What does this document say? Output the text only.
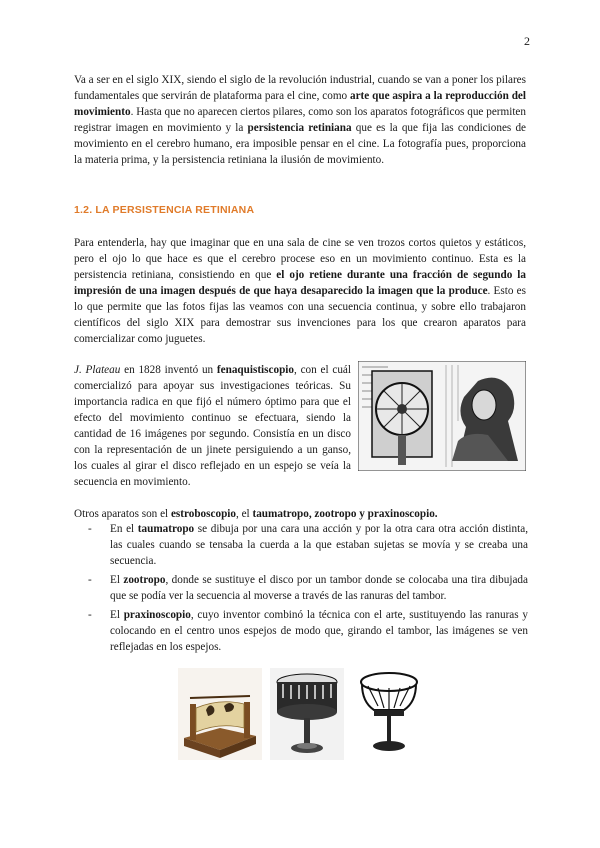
2

Va a ser en el siglo XIX, siendo el siglo de la revolución industrial, cuando se van a poner los pilares fundamentales que servirán de plataforma para el cine, como arte que aspira a la reproducción del movimiento. Hasta que no aparecen ciertos pilares, como son los aparatos fotográficos que permiten registrar imagen en movimiento y la persistencia retiniana que es la que fija las condiciones de movimiento en el cerebro humano, era imposible pensar en el cine. La fotografía pues, proporciona la materia prima, y la persistencia retiniana la ilusión de movimiento.

1.2. LA PERSISTENCIA RETINIANA

Para entenderla, hay que imaginar que en una sala de cine se ven trozos cortos quietos y estáticos, pero el ojo lo que hace es que el cerebro procese eso en un movimiento continuo. Esta es la persistencia retiniana, consistiendo en que el ojo retiene durante una fracción de segundo la impresión de una imagen después de que haya desaparecido la imagen que la produce. Esto es lo que permite que las fotos fijas las veamos con una secuencia continua, y sobre ello trabajaron científicos del siglo XIX para demostrar sus invenciones para los que crearon aparatos para comercializar como juguetes.

J. Plateau en 1828 inventó un fenaquistiscopio, con el cuál comercializó para apoyar sus investigaciones teóricas. Su importancia radica en que fijó el número óptimo para que el efecto del movimiento continuo se efectuara, siendo la cantidad de 16 imágenes por segundo. Consistía en un disco con la representación de un jinete persiguiendo a un ganso, los cuales al girar el disco reflejado en un espejo se veía la secuencia en movimiento.

Otros aparatos son el estroboscopio, el taumatropo, zootropo y praxinoscopio.

- En el taumatropo se dibuja por una cara una acción y por la otra cara otra acción distinta, las cuales cuando se tensaba la cuerda a la que estaban sujetas se movía y se creaba una secuencia.
- El zootropo, donde se sustituye el disco por un tambor donde se colocaba una tira dibujada que se podía ver la secuencia al moverse a través de las ranuras del tambor.
- El praxinoscopio, cuyo inventor combinó la técnica con el arte, sustituyendo las ranuras y colocando en el centro unos espejos de modo que, girando el tambor, las imágenes se ven reflejadas en los espejos.
